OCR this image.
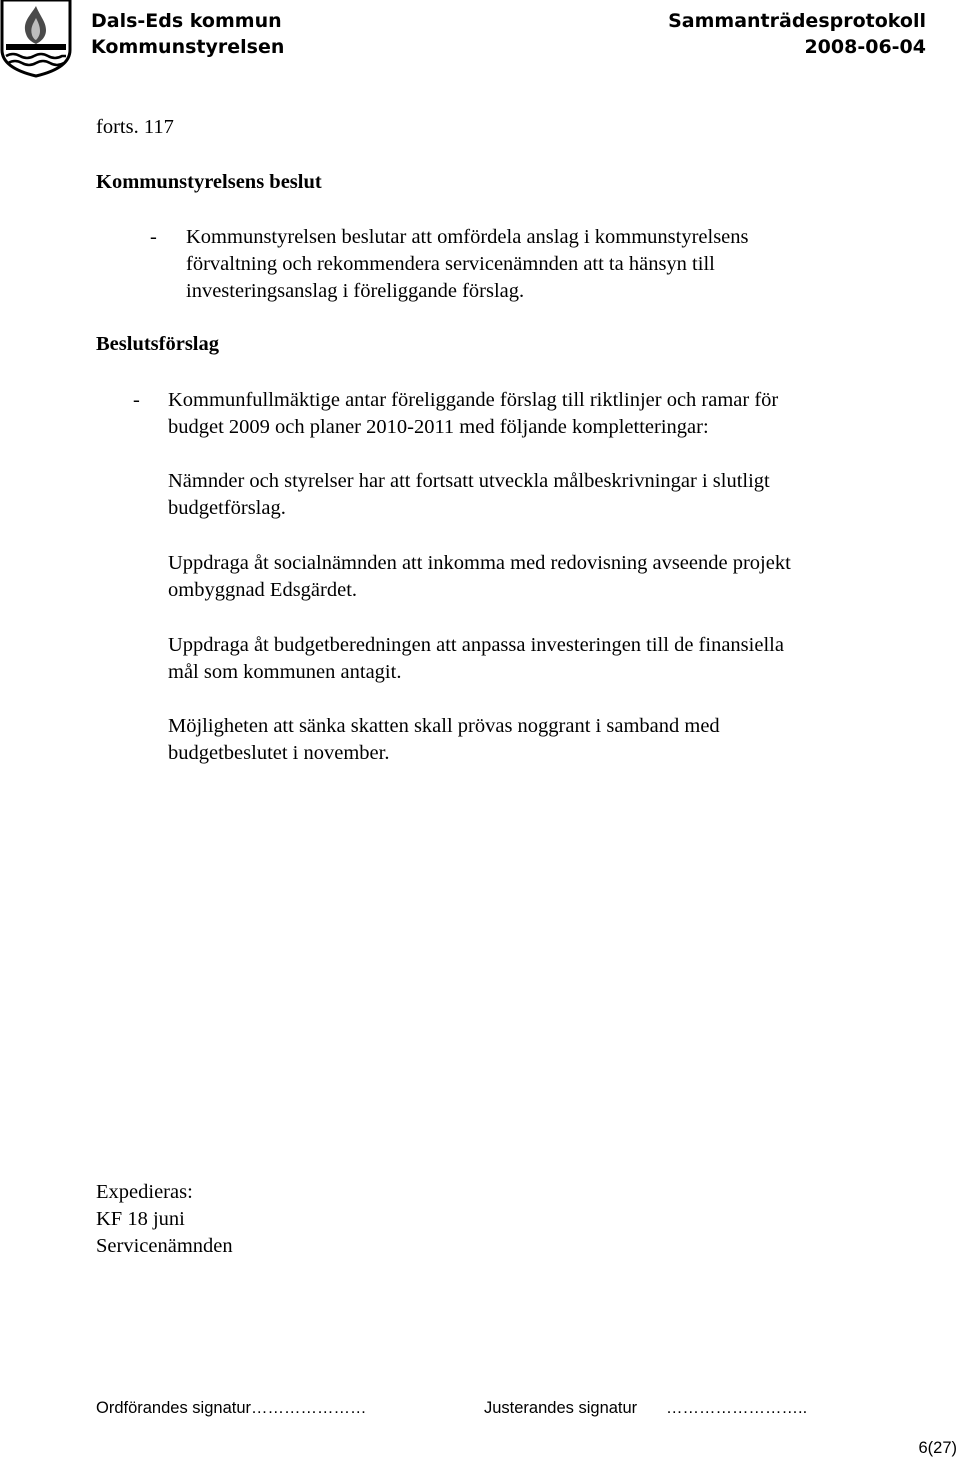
Dals-Eds kommun
Kommunstyrelsen
Sammanträdesprotokoll
2008-06-04
forts. 117
Kommunstyrelsens beslut
- Kommunstyrelsen beslutar att omfördela anslag i kommunstyrelsens
förvaltning och rekommendera servicenämnden att ta hänsyn till
investeringsanslag i föreliggande förslag.
Beslutsförslag
- Kommunfullmäktige antar föreliggande förslag till riktlinjer och ramar för
budget 2009 och planer 2010-2011 med följande kompletteringar:
Nämnder och styrelser har att fortsatt utveckla målbeskrivningar i slutligt
budgetförslag.
Uppdraga åt socialnämnden att inkomma med redovisning avseende projekt
ombyggnad Edsgärdet.
Uppdraga åt budgetberedningen att anpassa investeringen till de finansiella
mål som kommunen antagit.
Möjligheten att sänka skatten skall prövas noggrant i samband med
budgetbeslutet i november.
Expedieras:
KF 18 juni
Servicenämnden
Ordförandes signatur…………………	Justerandes signatur ……………………..
6(27)
